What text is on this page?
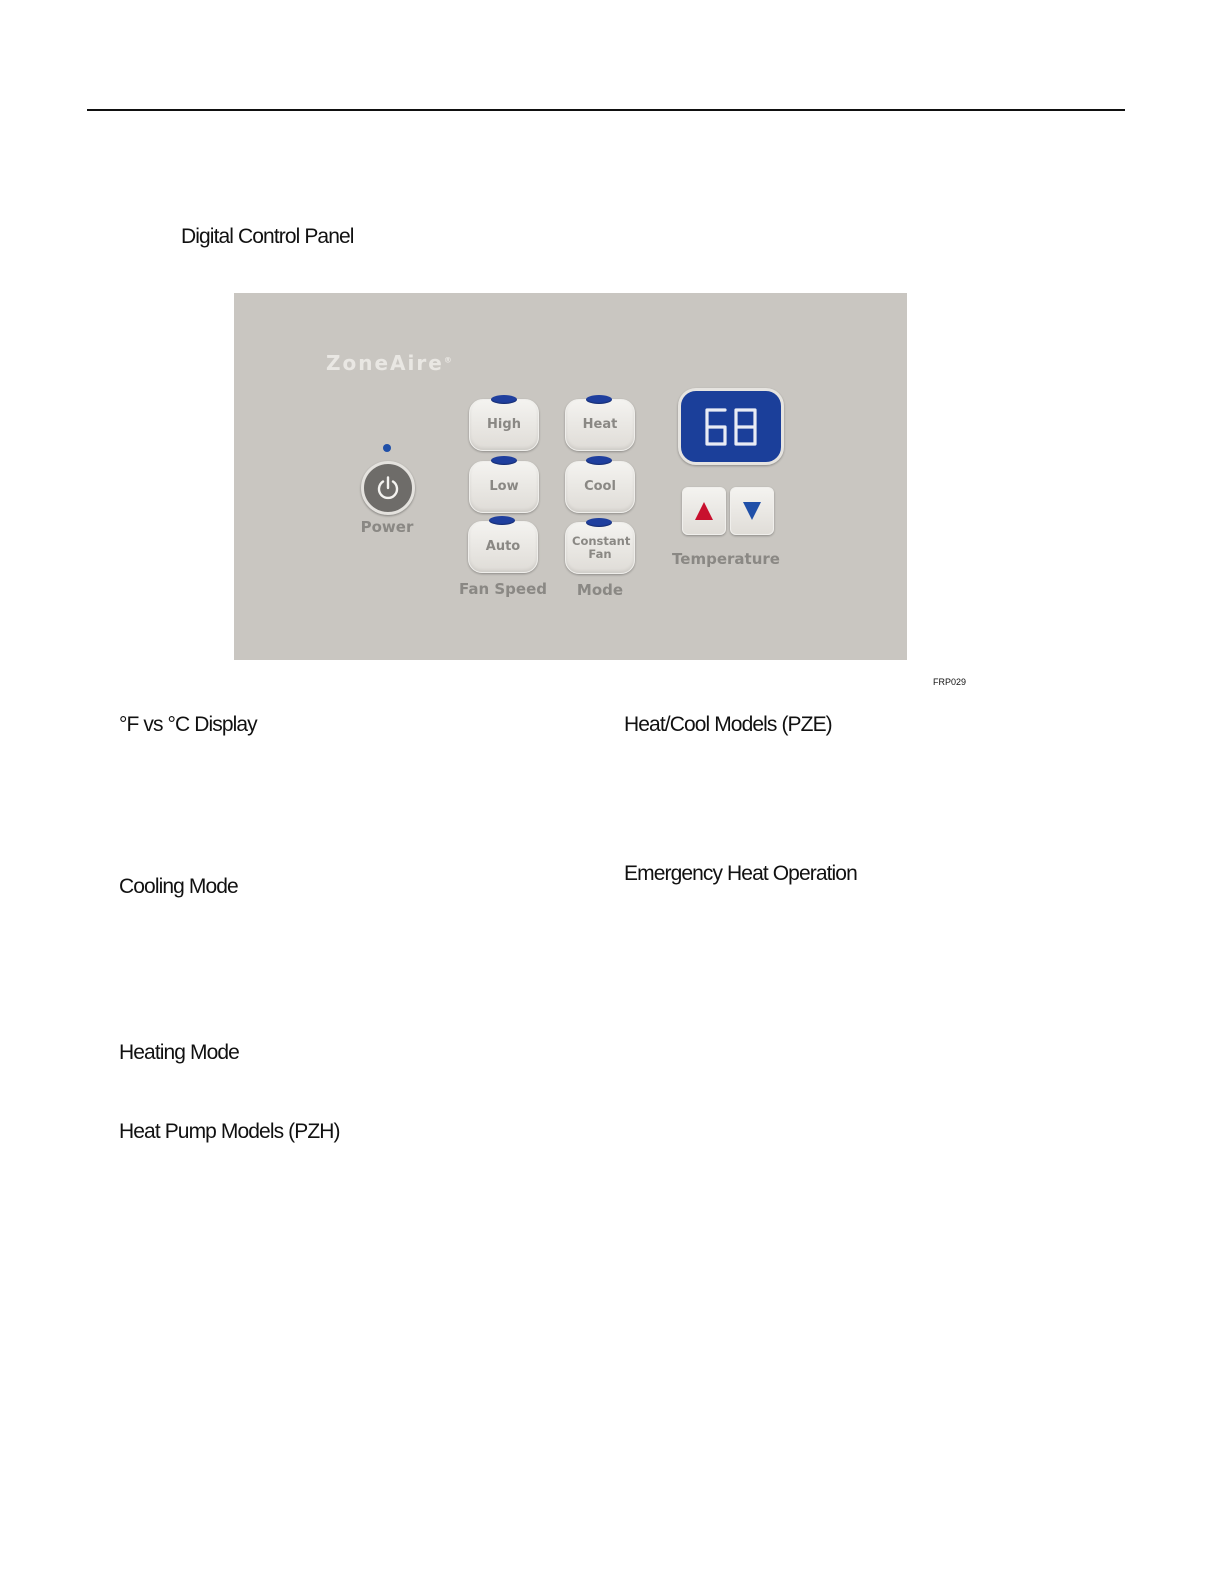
Digital Control Panel
ZoneAire®
Power
High
Low
Auto
Fan Speed
Heat
Cool
Constant Fan
Mode
Temperature
FRP029
°F vs °C Display
Cooling Mode
Heating Mode
Heat Pump Models (PZH)
Heat/Cool Models (PZE)
Emergency Heat Operation
